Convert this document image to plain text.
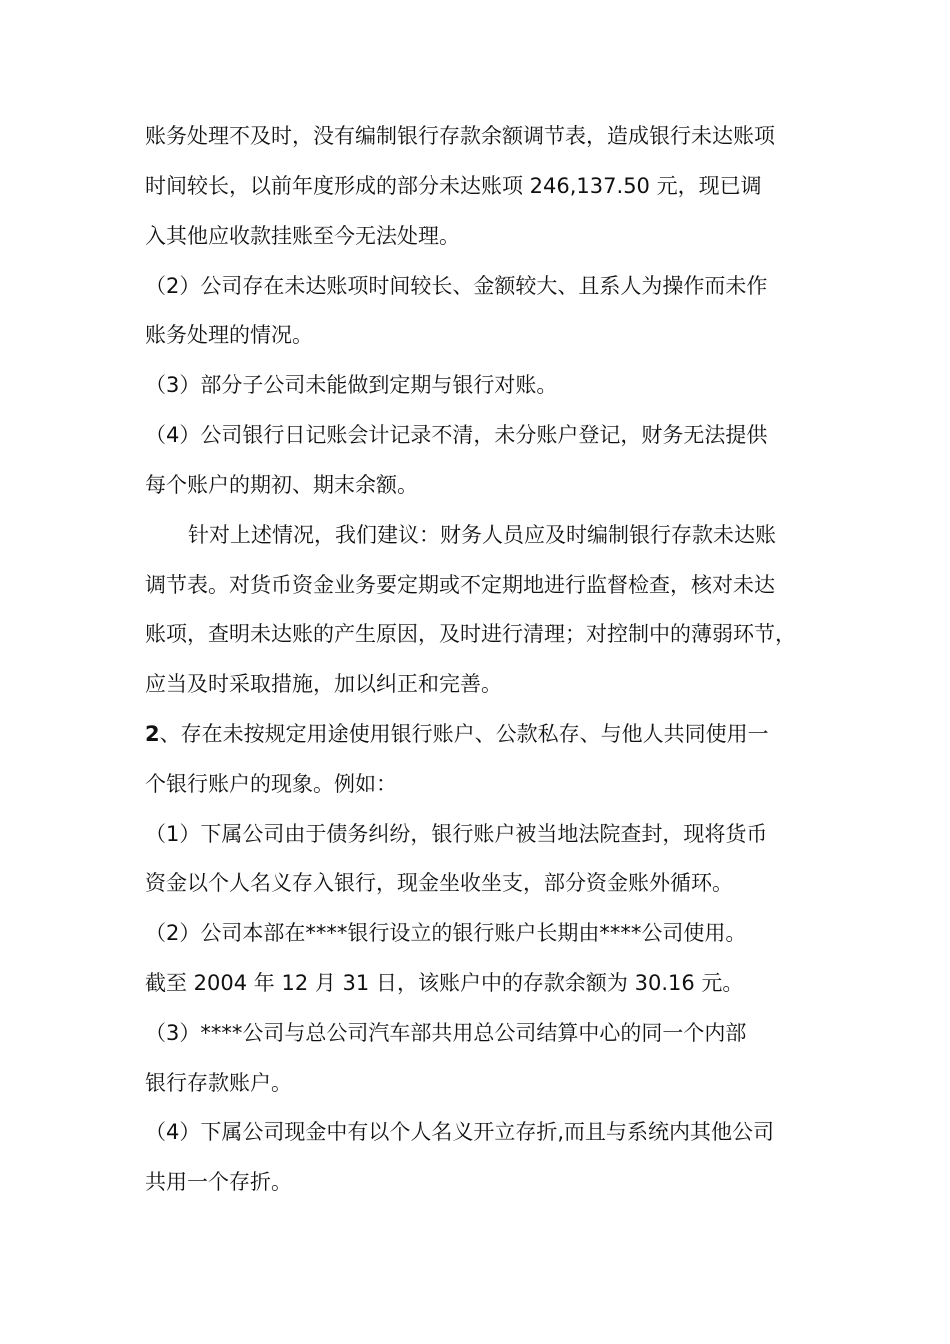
账务处理不及时，没有编制银行存款余额调节表，造成银行未达账项
时间较长，以前年度形成的部分未达账项 246,137.50 元，现已调
入其他应收款挂账至今无法处理。
（2）公司存在未达账项时间较长、金额较大、且系人为操作而未作
账务处理的情况。
（3）部分子公司未能做到定期与银行对账。
（4）公司银行日记账会计记录不清，未分账户登记，财务无法提供
每个账户的期初、期末余额。
针对上述情况，我们建议：财务人员应及时编制银行存款未达账
调节表。对货币资金业务要定期或不定期地进行监督检查，核对未达
账项，查明未达账的产生原因，及时进行清理；对控制中的薄弱环节，
应当及时采取措施，加以纠正和完善。
2、存在未按规定用途使用银行账户、公款私存、与他人共同使用一
个银行账户的现象。例如：
（1）下属公司由于债务纠纷，银行账户被当地法院查封，现将货币
资金以个人名义存入银行，现金坐收坐支，部分资金账外循环。
（2）公司本部在****银行设立的银行账户长期由****公司使用。
截至 2004 年 12 月 31 日，该账户中的存款余额为 30.16 元。
（3）****公司与总公司汽车部共用总公司结算中心的同一个内部
银行存款账户。
（4）下属公司现金中有以个人名义开立存折,而且与系统内其他公司
共用一个存折。
